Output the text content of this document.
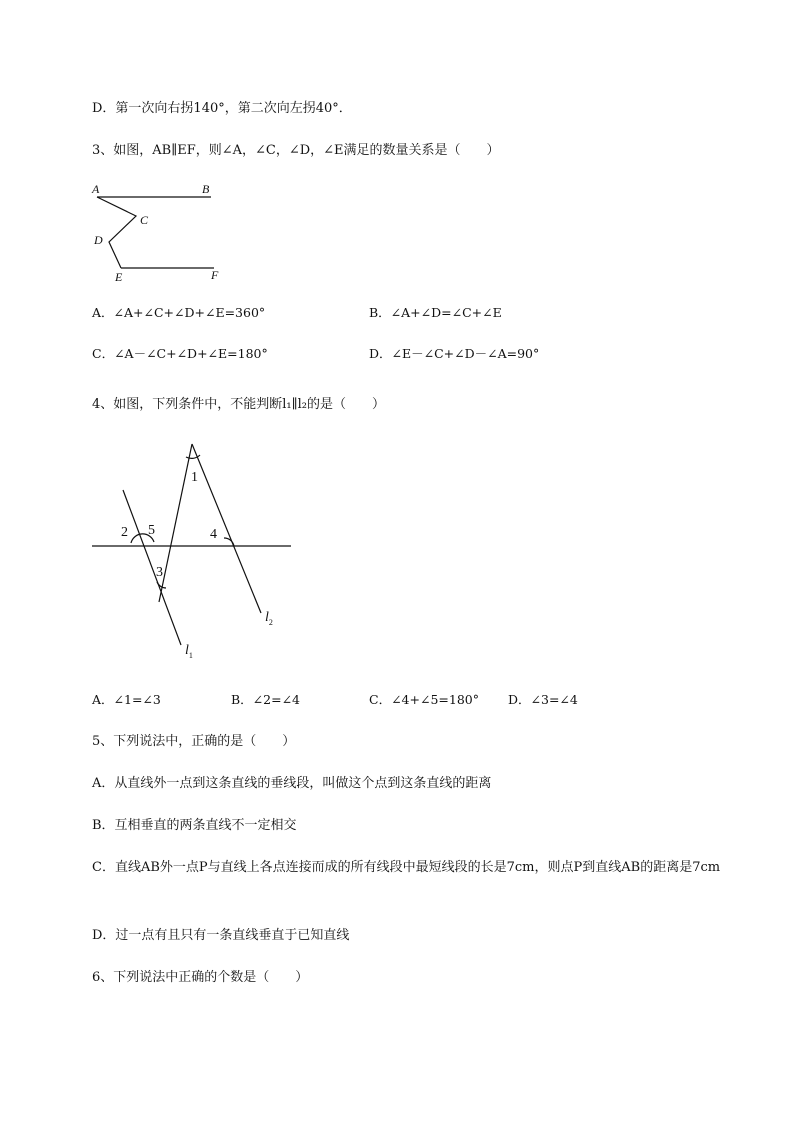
D．第一次向右拐140°，第二次向左拐40°．
3、如图，AB∥EF，则∠A，∠C，∠D，∠E满足的数量关系是（　　）
A	B
C
D
E	F
A．∠A+∠C+∠D+∠E=360°	B．∠A+∠D=∠C+∠E
C．∠A－∠C+∠D+∠E=180°	D．∠E－∠C+∠D－∠A=90°
4、如图，下列条件中，不能判断l₁∥l₂的是（　　）
1
2 5
3
4
$l_1$
$l_2$
A．∠1=∠3	B．∠2=∠4	C．∠4+∠5=180° D．∠3=∠4
5、下列说法中，正确的是（　　）
A．从直线外一点到这条直线的垂线段，叫做这个点到这条直线的距离
B．互相垂直的两条直线不一定相交
C．直线AB外一点P与直线上各点连接而成的所有线段中最短线段的长是7cm，则点P到直线AB的距离是7cm
D．过一点有且只有一条直线垂直于已知直线
6、下列说法中正确的个数是（　　）
